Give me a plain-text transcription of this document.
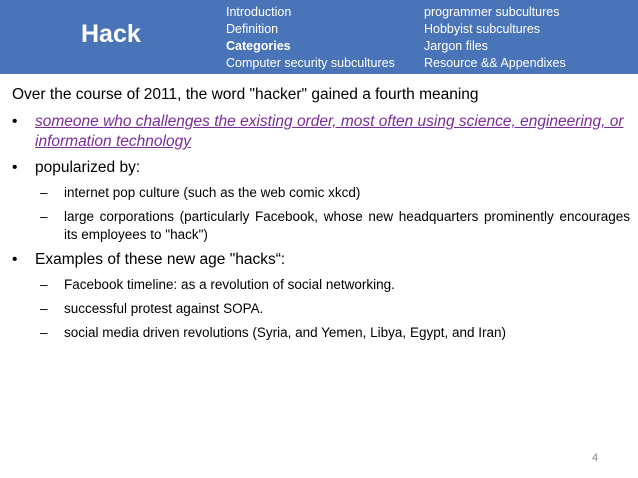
Hack
Introduction
Definition
Categories
Computer security subcultures
programmer subcultures
Hobbyist subcultures
Jargon files
Resource && Appendixes

Over the course of 2011, the word "hacker" gained a fourth meaning

• someone who challenges the existing order, most often using science, engineering, or information technology
• popularized by:
– internet pop culture (such as the web comic xkcd)
– large corporations (particularly Facebook, whose new headquarters prominently encourages its employees to "hack")
• Examples of these new age "hacks“:
– Facebook timeline: as a revolution of social networking.
– successful protest against SOPA.
– social media driven revolutions (Syria, and Yemen, Libya, Egypt, and Iran)
4
